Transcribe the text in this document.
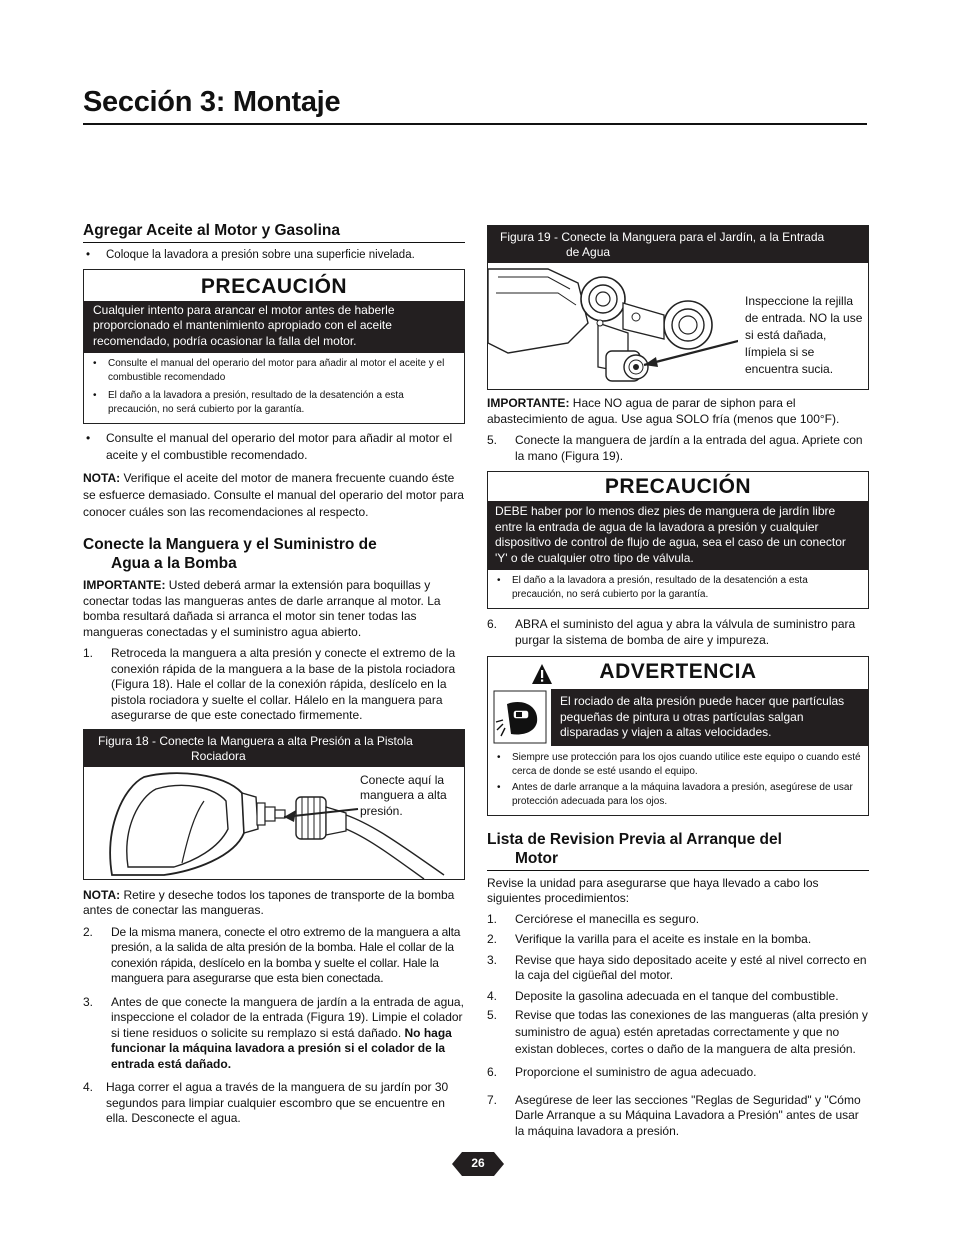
Sección 3: Montaje
Agregar Aceite al Motor y Gasolina
• Coloque la lavadora a presión sobre una superficie nivelada.
PRECAUCIÓN
Cualquier intento para arancar el motor antes de haberle proporcionado el mantenimiento apropiado con el aceite recomendado, podría ocasionar la falla del motor.
• Consulte el manual del operario del motor para añadir al motor el aceite y el combustible recomendado
• El daño a la lavadora a presión, resultado de la desatención a esta precaución, no será cubierto por la garantía.
• Consulte el manual del operario del motor para añadir al motor el aceite y el combustible recomendado.

NOTA: Verifique el aceite del motor de manera frecuente cuando éste se esfuerce demasiado. Consulte el manual del operario del motor para conocer cuáles son las recomendaciones al respecto.

Conecte la Manguera y el Suministro de
Agua a la Bomba

IMPORTANTE: Usted deberá armar la extensión para boquillas y conectar todas las mangueras antes de darle arranque al motor. La bomba resultará dañada si arranca el motor sin tener todas las mangueras conectadas y el suministro agua abierto.

1. Retroceda la manguera a alta presión y conecte el extremo de la conexión rápida de la manguera a la base de la pistola rociadora (Figura 18). Hale el collar de la conexión rápida, deslícelo en la pistola rociadora y suelte el collar. Hálelo en la manguera para asegurarse de que este conectado firmemente.
Figura 18 - Conecte la Manguera a alta Presión a la Pistola
Rociadora
Conecte aquí la manguera a alta presión.

NOTA: Retire y deseche todos los tapones de transporte de la bomba antes de conectar las mangueras.

2. De la misma manera, conecte el otro extremo de la manguera a alta presión, a la salida de alta presión de la bomba. Hale el collar de la conexión rápida, deslícelo en la bomba y suelte el collar. Hale la manguera para asegurarse que esta bien conectada.
3. Antes de que conecte la manguera de jardín a la entrada de agua, inspeccione el colador de la entrada (Figura 19). Limpie el colador si tiene residuos o solicite su remplazo si está dañado. No haga funcionar la máquina lavadora a presión si el colador de la entrada está dañado.
4. Haga correr el agua a través de la manguera de su jardín por 30 segundos para limpiar cualquier escombro que se encuentre en ella. Desconecte el agua.
Figura 19 - Conecte la Manguera para el Jardín, a la Entrada
de Agua
Inspeccione la rejilla de entrada. NO la use si está dañada, límpiela si se encuentra sucia.

IMPORTANTE: Hace NO agua de parar de siphon para el abastecimiento de agua. Use agua SOLO fría (menos que 100°F).

5. Conecte la manguera de jardín a la entrada del agua. Apriete con la mano (Figura 19).
PRECAUCIÓN
DEBE haber por lo menos diez pies de manguera de jardín libre entre la entrada de agua de la lavadora a presión y cualquier dispositivo de control de flujo de agua, sea el caso de un conector 'Y' o de cualquier otro tipo de válvula.
• El daño a la lavadora a presión, resultado de la desatención a esta precaución, no será cubierto por la garantía.
6. ABRA el suministo del agua y abra la válvula de suministro para purgar la sistema de bomba de aire y impureza.
ADVERTENCIA
El rociado de alta presión puede hacer que partículas pequeñas de pintura u otras partículas salgan disparadas y viajen a altas velocidades.
• Siempre use protección para los ojos cuando utilice este equipo o cuando esté cerca de donde se esté usando el equipo.
• Antes de darle arranque a la máquina lavadora a presión, asegúrese de usar protección adecuada para los ojos.
Lista de Revision Previa al Arranque del
Motor

Revise la unidad para asegurarse que haya llevado a cabo los siguientes procedimientos:

1. Cerciórese el manecilla es seguro.
2. Verifique la varilla para el aceite es instale en la bomba.
3. Revise que haya sido depositado aceite y esté al nivel correcto en la caja del cigüeñal del motor.
4. Deposite la gasolina adecuada en el tanque del combustible.
5. Revise que todas las conexiones de las mangueras (alta presión y suministro de agua) estén apretadas correctamente y que no existan dobleces, cortes o daño de la manguera de alta presión.
6. Proporcione el suministro de agua adecuado.
7. Asegúrese de leer las secciones "Reglas de Seguridad" y "Cómo Darle Arranque a su Máquina Lavadora a Presión" antes de usar la máquina lavadora a presión.
26
